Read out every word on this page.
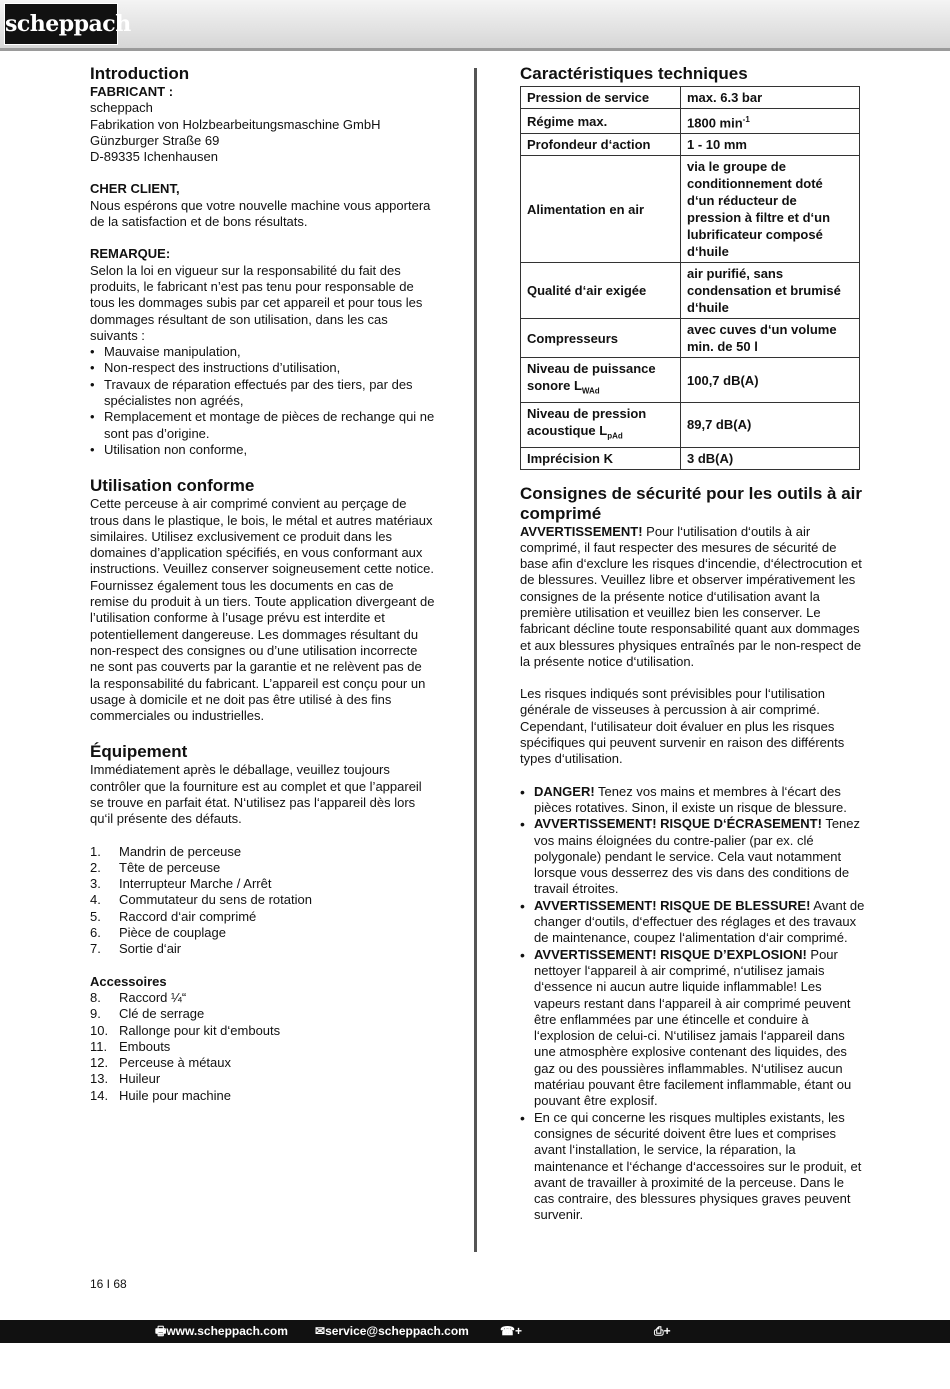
scheppach
Introduction

FABRICANT :

scheppach

Fabrikation von Holzbearbeitungsmaschine GmbH

Günzburger Straße 69

D-89335 Ichenhausen

CHER CLIENT,

Nous espérons que votre nouvelle machine vous apportera de la satisfaction et de bons résultats.

REMARQUE:

Selon la loi en vigueur sur la responsabilité du fait des produits, le fabricant n’est pas tenu pour responsable de tous les dommages subis par cet appareil et pour tous les dommages résultant de son utilisation, dans les cas suivants :

• Mauvaise manipulation,
• Non-respect des instructions d’utilisation,
• Travaux de réparation effectués par des tiers, par des spécialistes non agréés,
• Remplacement et montage de pièces de rechange qui ne sont pas d’origine.
• Utilisation non conforme,
Utilisation conforme

Cette perceuse à air comprimé convient au perçage de trous dans le plastique, le bois, le métal et autres matériaux similaires. Utilisez exclusivement ce produit dans les domaines d’application spécifiés, en vous conformant aux instructions. Veuillez conserver soigneusement cette notice. Fournissez également tous les documents en cas de remise du produit à un tiers. Toute application divergeant de l’utilisation conforme à l’usage prévu est interdite et potentiellement dangereuse. Les dommages résultant du non-respect des consignes ou d’une utilisation incorrecte ne sont pas couverts par la garantie et ne relèvent pas de la responsabilité du fabricant. L’appareil est conçu pour un usage à domicile et ne doit pas être utilisé à des fins commerciales ou industrielles.

Équipement

Immédiatement après le déballage, veuillez toujours contrôler que la fourniture est au complet et que l’appareil se trouve en parfait état. N‘utilisez pas l‘appareil dès lors qu‘il présente des défauts.

1.	Mandrin de perceuse
2.	Tête de perceuse
3.	Interrupteur Marche / Arrêt
4.	Commutateur du sens de rotation
5.	Raccord d‘air comprimé
6.	Pièce de couplage
7.	Sortie d‘air

Accessoires

8.	Raccord ¼“
9.	Clé de serrage
10. Rallonge pour kit d‘embouts
11. Embouts
12. Perceuse à métaux
13. Huileur
14. Huile pour machine
Caractéristiques techniques
Pression de service	max. 6.3 bar
Régime max.	1800 $\min^{-1}$
Profondeur d‘action	1 - 10 mm
Alimentation en air	via le groupe de conditionnement doté d‘un réducteur de pression à filtre et d‘un lubrificateur composé d‘huile
Qualité d‘air exigée	air purifié, sans condensation et brumisé d‘huile
Compresseurs	avec cuves d‘un volume min. de 50 l
Niveau de puissance sonore $L_{WAd}$	100,7 dB(A)
Niveau de pression acoustique $L_{pAd}$	89,7 dB(A)
Imprécision K	3 dB(A)
Consignes de sécurité pour les outils à air comprimé

AVVERTISSEMENT! Pour l‘utilisation d‘outils à air comprimé, il faut respecter des mesures de sécurité de base afin d‘exclure les risques d‘incendie, d‘électrocution et de blessures. Veuillez libre et observer impérativement les consignes de la présente notice d‘utilisation avant la première utilisation et veuillez bien les conserver. Le fabricant décline toute responsabilité quant aux dommages et aux blessures physiques entraînés par le non-respect de la présente notice d‘utilisation.

Les risques indiqués sont prévisibles pour l‘utilisation générale de visseuses à percussion à air comprimé. Cependant, l‘utilisateur doit évaluer en plus les risques spécifiques qui peuvent survenir en raison des différents types d‘utilisation.

• DANGER! Tenez vos mains et membres à l‘écart des pièces rotatives. Sinon, il existe un risque de blessure.
• AVVERTISSEMENT! RISQUE D‘ÉCRASEMENT! Tenez vos mains éloignées du contre-palier (par ex. clé polygonale) pendant le service. Cela vaut notamment lorsque vous desserrez des vis dans des conditions de travail étroites.
• AVVERTISSEMENT! RISQUE DE BLESSURE! Avant de changer d‘outils, d‘effectuer des réglages et des travaux de maintenance, coupez l‘alimentation d‘air comprimé.
• AVVERTISSEMENT! RISQUE D’EXPLOSION! Pour nettoyer l‘appareil à air comprimé, n‘utilisez jamais d‘essence ni aucun autre liquide inflammable! Les vapeurs restant dans l‘appareil à air comprimé peuvent être enflammées par une étincelle et conduire à l‘explosion de celui-ci. N‘utilisez jamais l‘appareil dans une atmosphère explosive contenant des liquides, des gaz ou des poussières inflammables. N‘utilisez aucun matériau pouvant être facilement inflammable, étant ou pouvant être explosif.
• En ce qui concerne les risques multiples existants, les consignes de sécurité doivent être lues et comprises avant l‘installation, le service, la réparation, la maintenance et l‘échange d‘accessoires sur le produit, et avant de travailler à proximité de la perceuse. Dans le cas contraire, des blessures physiques graves peuvent survenir.
16 I 68
🖶 www.scheppach.com ✉ service@scheppach.com	☎ +(49)-08223-4002-99
⎙ +(49)-08223-4002-58
